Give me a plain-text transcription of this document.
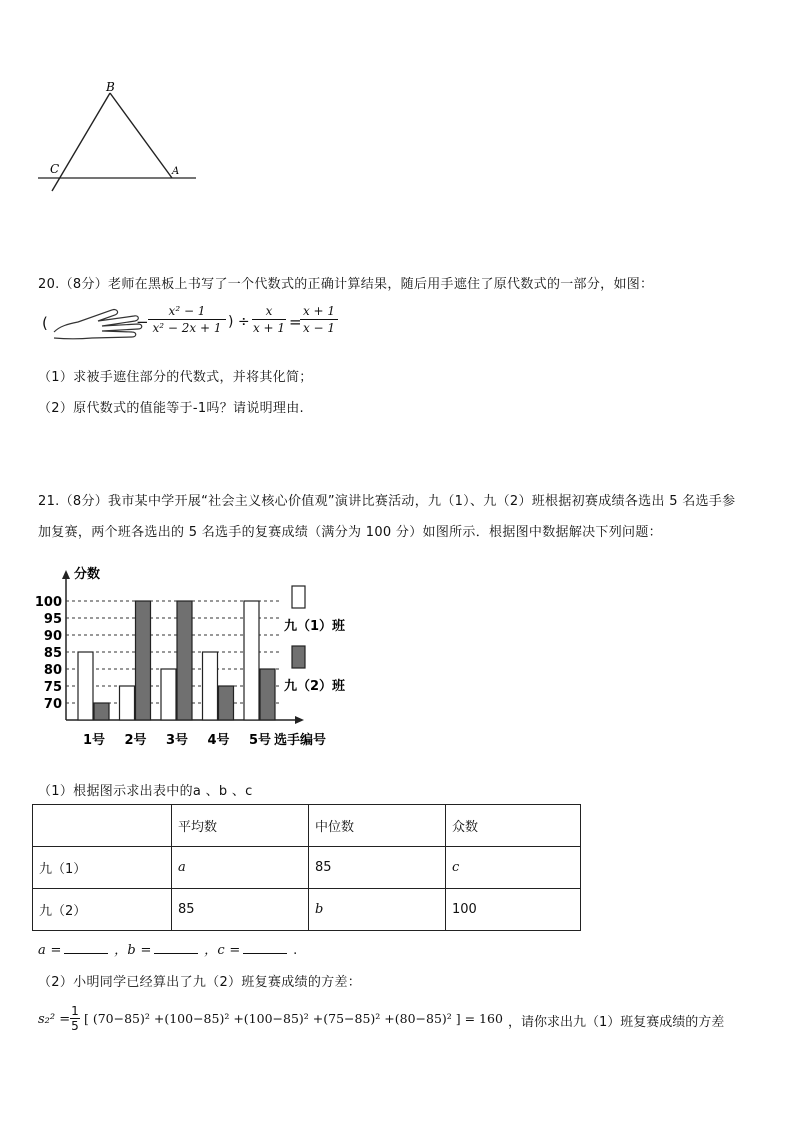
B
C	A
20.（8分）老师在黑板上书写了一个代数式的正确计算结果，随后用手遮住了原代数式的一部分，如图：
(	− $\frac{\text{x² − 1}}{\text{x² − 2x + 1}}$ ) ÷ $\frac{x}{x + 1}$ =
$\frac{x + 1}{x - 1}$
（1）求被手遮住部分的代数式，并将其化简；
（2）原代数式的值能等于-1吗？请说明理由.
21.（8分）我市某中学开展“社会主义核心价值观”演讲比赛活动，九（1）、九（2）班根据初赛成绩各选出 5 名选手参
加复赛，两个班各选出的 5 名选手的复赛成绩（满分为 100 分）如图所示．根据图中数据解决下列问题：
分数
选手编号
70
75
80
85
90
95
100
1号 2号 3号 4号 5号
九（1）班
九（2）班
（1）根据图示求出表中的a 、b 、c
	平均数	中位数	众数
九（1）	a	85	c
九（2）	85	b	100
a =	，b =	，c =	.
（2）小明同学已经算出了九（2）班复赛成绩的方差：
$s_2^2 = \frac{1}{5}$ [ (70−85)² +(100−85)² +(100−85)² +(75−85)² +(80−85)² ] = 160 ，请你求出九（1）班复赛成绩的方差
